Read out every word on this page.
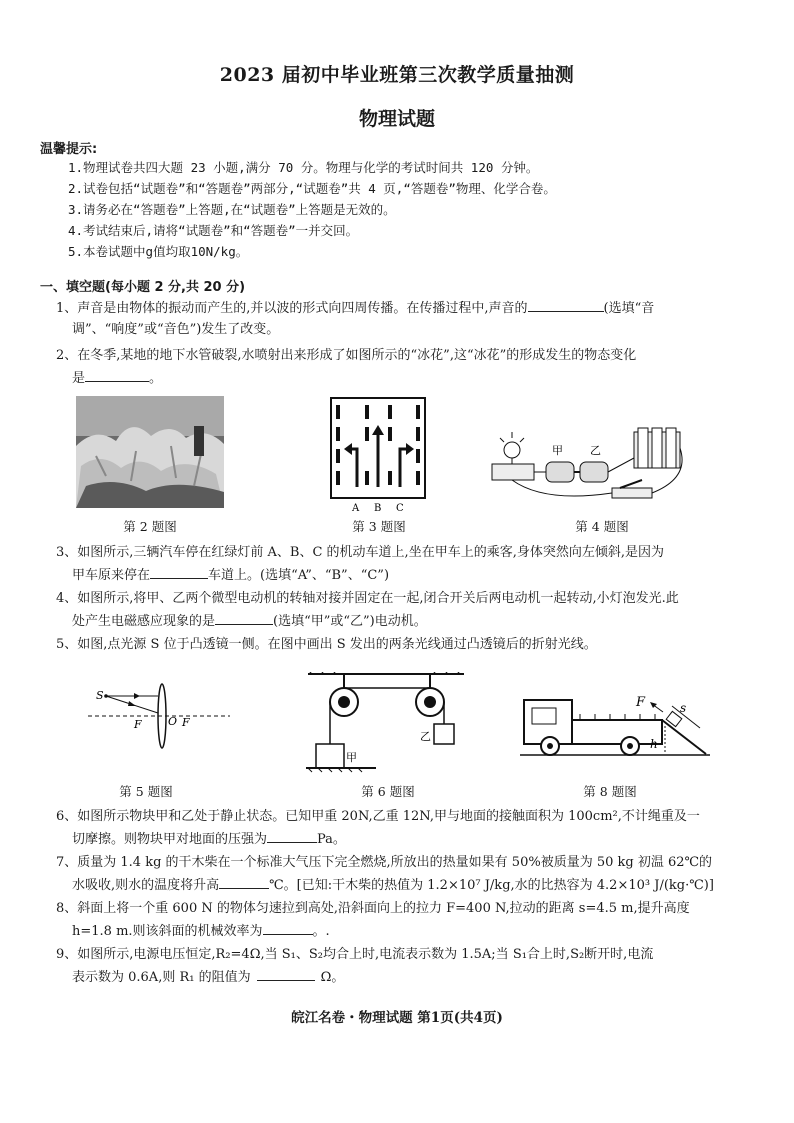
2023 届初中毕业班第三次教学质量抽测
物理试题
温馨提示:
1.物理试卷共四大题 23 小题,满分 70 分。物理与化学的考试时间共 120 分钟。
2.试卷包括“试题卷”和“答题卷”两部分,“试题卷”共 4 页,“答题卷”物理、化学合卷。
3.请务必在“答题卷”上答题,在“试题卷”上答题是无效的。
4.考试结束后,请将“试题卷”和“答题卷”一并交回。
5.本卷试题中g值均取10N/kg。
一、填空题(每小题 2 分,共 20 分)
1、声音是由物体的振动而产生的,并以波的形式向四周传播。在传播过程中,声音的	(选填“音
调”、“响度”或“音色”)发生了改变。
2、在冬季,某地的地下水管破裂,水喷射出来形成了如图所示的“冰花”,这“冰花”的形成发生的物态变化
是	。
第 2 题图
A B C
第 3 题图
甲 乙
第 4 题图
3、如图所示,三辆汽车停在红绿灯前 A、B、C 的机动车道上,坐在甲车上的乘客,身体突然向左倾斜,是因为
甲车原来停在	车道上。(选填“A”、“B”、“C”)
4、如图所示,将甲、乙两个微型电动机的转轴对接并固定在一起,闭合开关后两电动机一起转动,小灯泡发光.此
处产生电磁感应现象的是	(选填“甲”或“乙”)电动机。
5、如图,点光源 S 位于凸透镜一侧。在图中画出 S 发出的两条光线通过凸透镜后的折射光线。
S
F O F
第 5 题图
甲
乙
第 6 题图
F	s
h
第 8 题图
6、如图所示物块甲和乙处于静止状态。已知甲重 20N,乙重 12N,甲与地面的接触面积为 100cm²,不计绳重及一
切摩擦。则物块甲对地面的压强为	Pa。
7、质量为 1.4 kg 的干木柴在一个标准大气压下完全燃烧,所放出的热量如果有 50%被质量为 50 kg 初温 62℃的
水吸收,则水的温度将升高	℃。[已知:干木柴的热值为 1.2×10⁷ J/kg,水的比热容为 4.2×10³ J/(kg·℃)]
8、斜面上将一个重 600 N 的物体匀速拉到高处,沿斜面向上的拉力 F=400 N,拉动的距离 s=4.5 m,提升高度
h=1.8 m.则该斜面的机械效率为	。.
9、如图所示,电源电压恒定,R₂=4Ω,当 S₁、S₂均合上时,电流表示数为 1.5A;当 S₁合上时,S₂断开时,电流
表示数为 0.6A,则 R₁ 的阻值为	Ω。
皖江名卷・物理试题 第1页(共4页)
